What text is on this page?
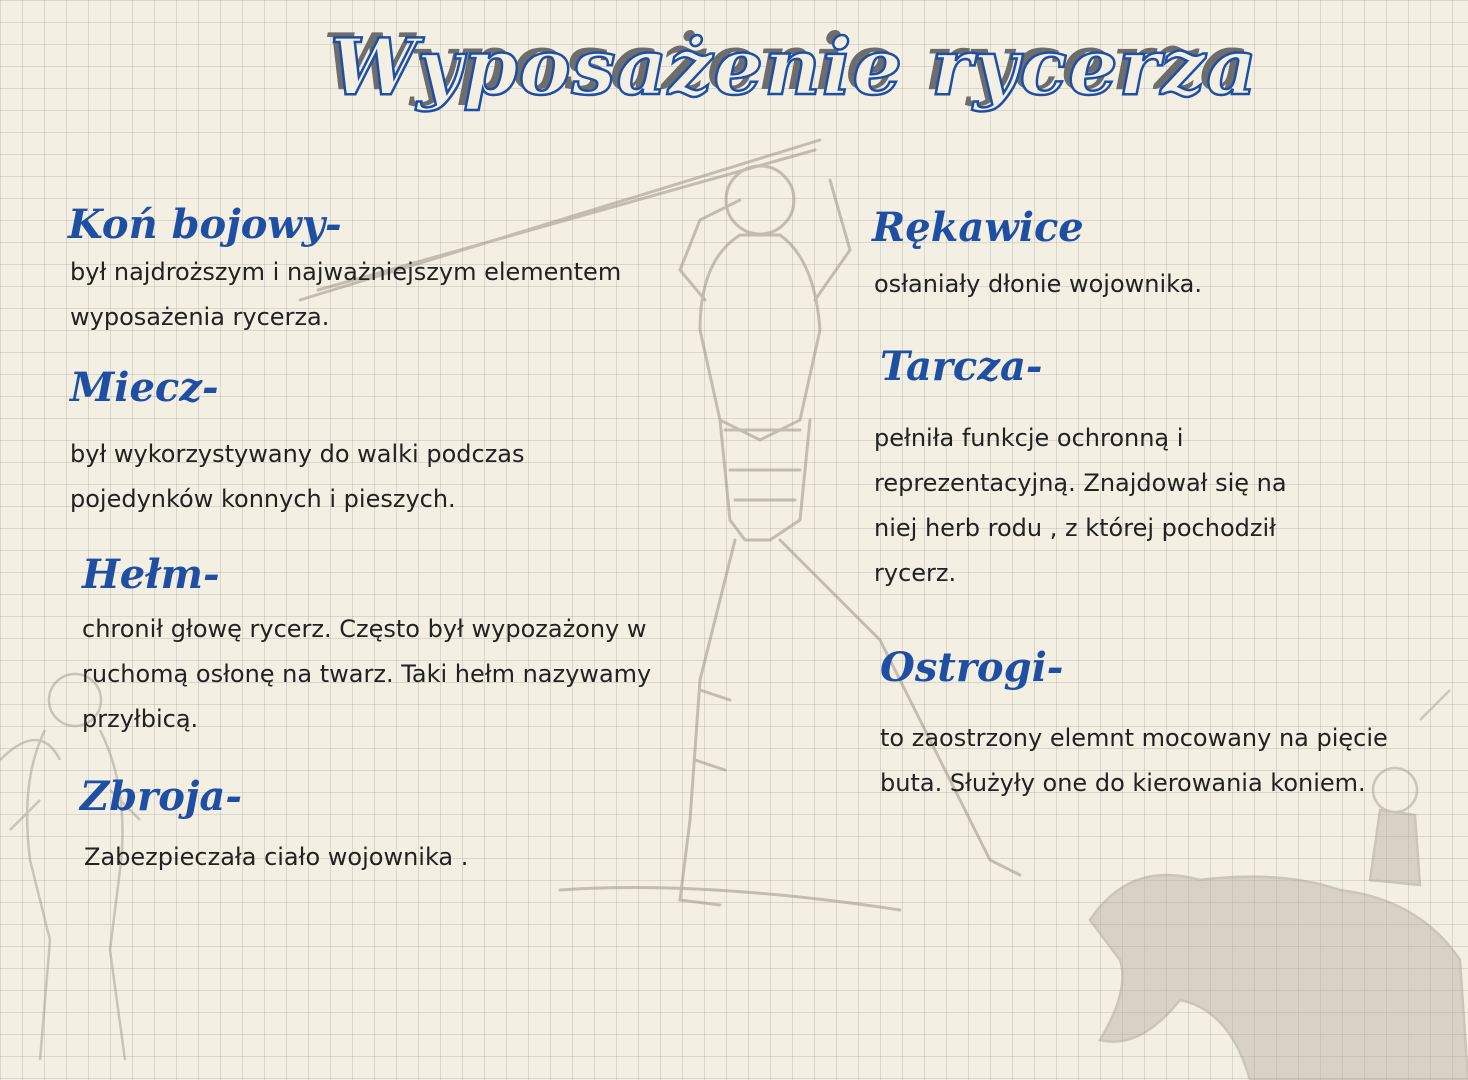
Wyposażenie rycerza
Koń bojowy-

był najdroższym i najważniejszym elementem
wyposażenia rycerza.

Miecz-

był wykorzystywany do walki podczas
pojedynków konnych i pieszych.

Hełm-

chronił głowę rycerz. Często był wypozażony w
ruchomą osłonę na twarz. Taki hełm nazywamy
przyłbicą.

Zbroja-

Zabezpieczała ciało wojownika .

Rękawice

osłaniały dłonie wojownika.

Tarcza-

pełniła funkcje ochronną i
reprezentacyjną. Znajdował się na
niej herb rodu , z której pochodził
rycerz.

Ostrogi-

to zaostrzony elemnt mocowany na pięcie
buta. Służyły one do kierowania koniem.
